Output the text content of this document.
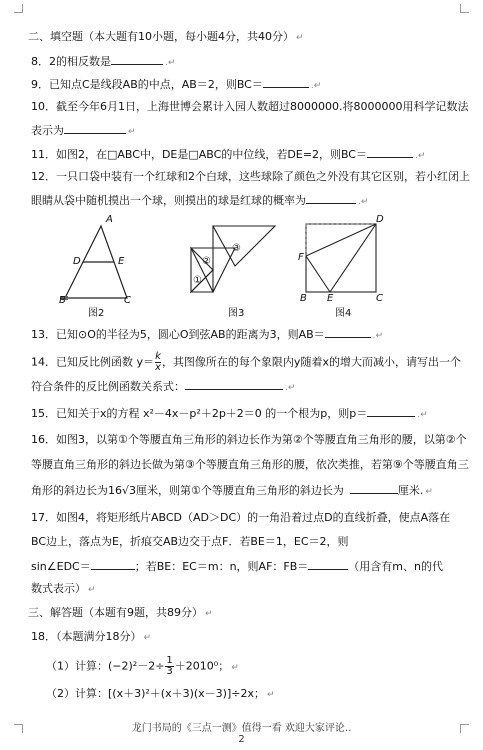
二、填空题（本大题有10小题，每小题4分，共40分） ↵
8．2的相反数是	.↵
9．已知点C是线段AB的中点，AB＝2，则BC＝	.↵
10．截至今年6月1日，上海世博会累计入园人数超过8000000.将8000000用科学记数法
表示为	↵
11．如图2，在□ABC中，DE是□ABC的中位线，若DE=2，则BC＝	.↵
12．一只口袋中装有一个红球和2个白球，这些球除了颜色之外没有其它区别，若小红闭上
眼睛从袋中随机摸出一个球，则摸出的球是红球的概率为	.↵
A
D	E
B	C
图2
①
②
③
图3
D
F
B E	C
图4
13．已知⊙O的半径为5，圆心O到弦AB的距离为3，则AB＝	.↵
14．已知反比例函数 $y= \frac{k}{x}$ ，其图像所在的每个象限内y随着x的增大而减小，请写出一个
符合条件的反比例函数关系式：	.↵
15．已知关于x的方程 x²－4x－p²＋2p＋2＝0 的一个根为p，则p＝	.↵
16．如图3，以第①个等腰直角三角形的斜边长作为第②个等腰直角三角形的腰，以第②个
等腰直角三角形的斜边长做为第③个等腰直角三角形的腰，依次类推，若第⑨个等腰直角三
角形的斜边长为16√3厘米，则第①个等腰直角三角形的斜边长为	厘米. ↵
17．如图4，将矩形纸片ABCD（AD＞DC）的一角沿着过点D的直线折叠，使点A落在
BC边上，落点为E，折痕交AB边交于点F．若BE＝1，EC＝2，则
sin∠EDC＝	；若BE：EC＝m：n，则AF：FB＝	（用含有m、n的代
数式表示） ↵
三、解答题（本题有9题，共89分） ↵
18．（本题满分18分） ↵
（1）计算：$(-2)^2-2\div \frac{1}{3} +2010^0$； ↵
（2）计算：[(x＋3)²＋(x＋3)(x－3)]÷2x； ↵
龙门书局的《三点一测》值得一看 欢迎大家评论..
2
